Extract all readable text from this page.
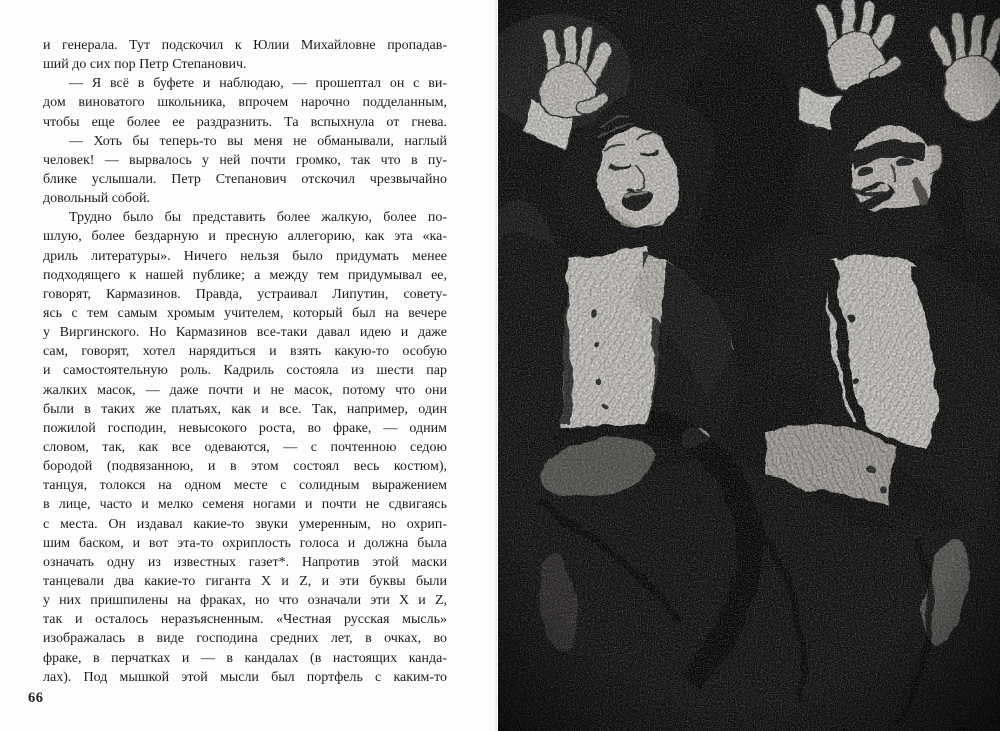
и генерала. Тут подскочил к Юлии Михайловне пропадав-
ший до сих пор Петр Степанович.
— Я всё в буфете и наблюдаю, — прошептал он с ви-
дом виноватого школьника, впрочем нарочно подделанным,
чтобы еще более ее раздразнить. Та вспыхнула от гнева.
— Хоть бы теперь-то вы меня не обманывали, наглый
человек! — вырвалось у ней почти громко, так что в пу-
блике услышали. Петр Степанович отскочил чрезвычайно
довольный собой.
Трудно было бы представить более жалкую, более по-
шлую, более бездарную и пресную аллегорию, как эта «ка-
дриль литературы». Ничего нельзя было придумать менее
подходящего к нашей публике; а между тем придумывал ее,
говорят, Кармазинов. Правда, устраивал Липутин, совету-
ясь с тем самым хромым учителем, который был на вечере
у Виргинского. Но Кармазинов все-таки давал идею и даже
сам, говорят, хотел нарядиться и взять какую-то особую
и самостоятельную роль. Кадриль состояла из шести пар
жалких масок, — даже почти и не масок, потому что они
были в таких же платьях, как и все. Так, например, один
пожилой господин, невысокого роста, во фраке, — одним
словом, так, как все одеваются, — с почтенною седою
бородой (подвязанною, и в этом состоял весь костюм),
танцуя, толокся на одном месте с солидным выражением
в лице, часто и мелко семеня ногами и почти не сдвигаясь
с места. Он издавал какие-то звуки умеренным, но охрип-
шим баском, и вот эта-то охриплость голоса и должна была
означать одну из известных газет*. Напротив этой маски
танцевали два какие-то гиганта X и Z, и эти буквы были
у них пришпилены на фраках, но что означали эти X и Z,
так и осталось неразъясненным. «Честная русская мысль»
изображалась в виде господина средних лет, в очках, во
фраке, в перчатках и — в кандалах (в настоящих канда-
лах). Под мышкой этой мысли был портфель с каким-то
66
